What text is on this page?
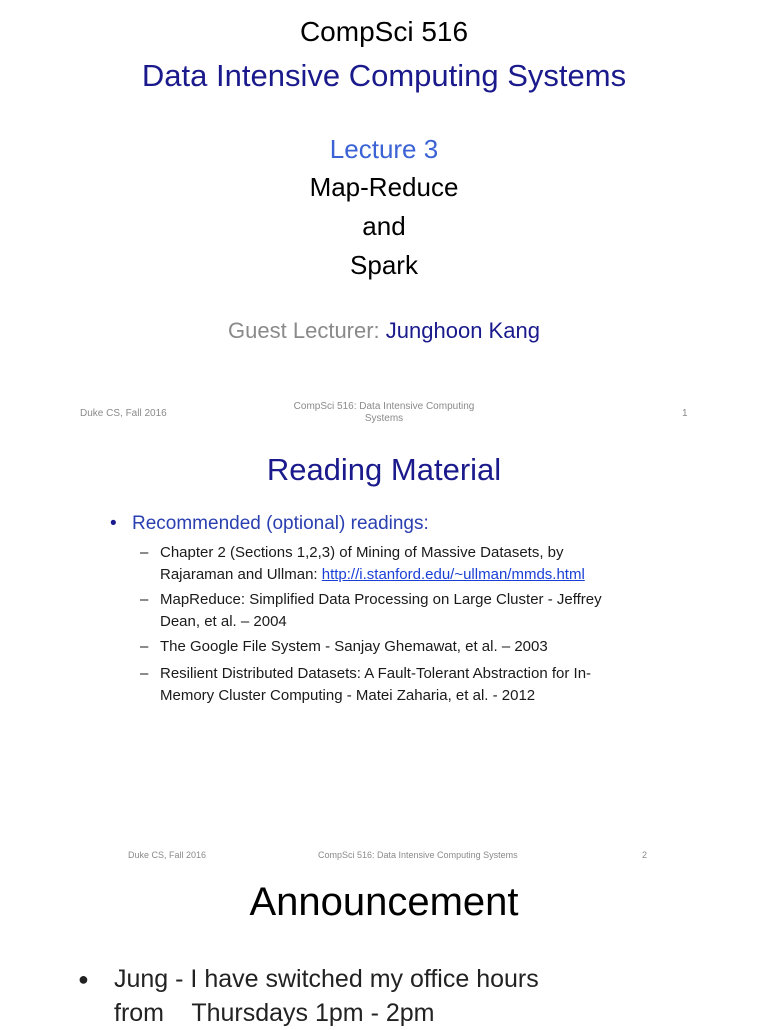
CompSci 516
Data Intensive Computing Systems
Lecture 3
Map-Reduce
and
Spark
Guest Lecturer: Junghoon Kang
Duke CS, Fall 2016
CompSci 516: Data Intensive Computing Systems	1
Reading Material
• Recommended (optional) readings:
– Chapter 2 (Sections 1,2,3) of Mining of Massive Datasets, by
Rajaraman and Ullman: http://i.stanford.edu/~ullman/mmds.html
– MapReduce: Simplified Data Processing on Large Cluster - Jeffrey
Dean, et al. – 2004
– The Google File System - Sanjay Ghemawat, et al. – 2003
– Resilient Distributed Datasets: A Fault-Tolerant Abstraction for In-
Memory Cluster Computing - Matei Zaharia, et al. - 2012
Duke CS, Fall 2016	CompSci 516: Data Intensive Computing Systems	2
Announcement
●	Jung - I have switched my office hours
from    Thursdays 1pm - 2pm
